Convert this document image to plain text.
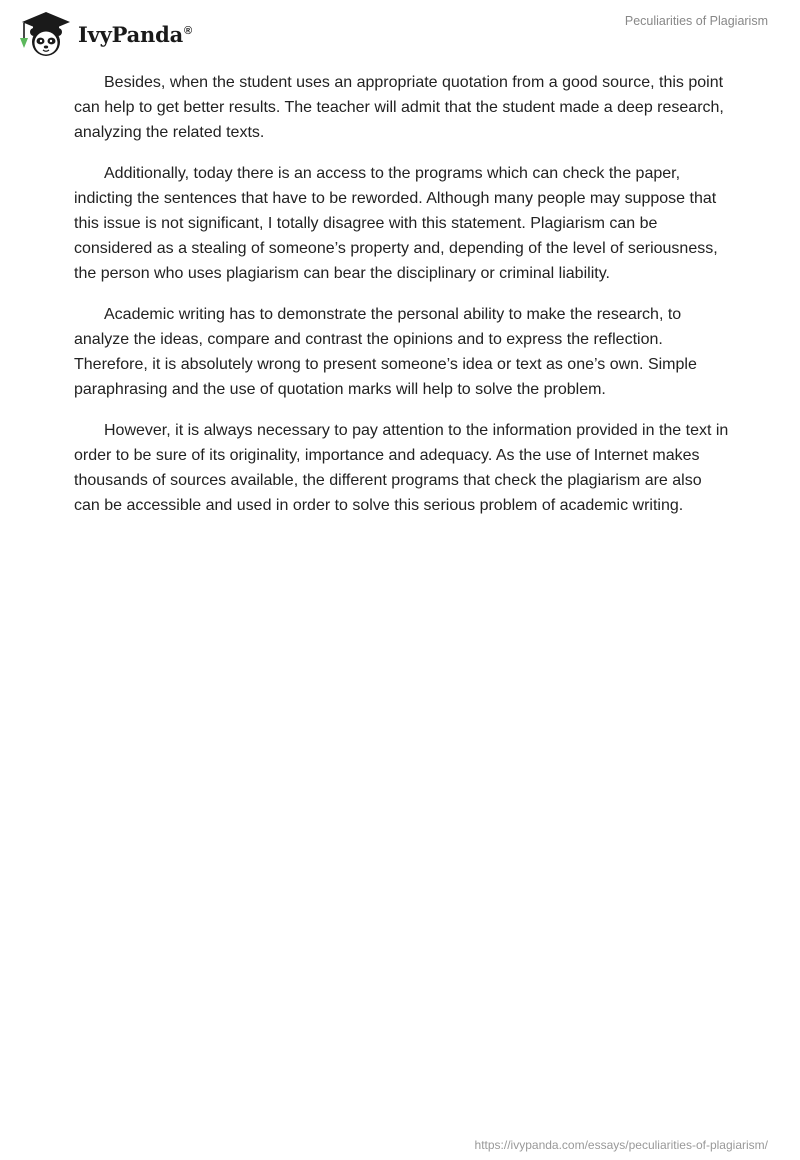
IvyPanda®
Peculiarities of Plagiarism

Besides, when the student uses an appropriate quotation from a good source, this point can help to get better results. The teacher will admit that the student made a deep research, analyzing the related texts.

Additionally, today there is an access to the programs which can check the paper, indicting the sentences that have to be reworded. Although many people may suppose that this issue is not significant, I totally disagree with this statement. Plagiarism can be considered as a stealing of someone’s property and, depending of the level of seriousness, the person who uses plagiarism can bear the disciplinary or criminal liability.

Academic writing has to demonstrate the personal ability to make the research, to analyze the ideas, compare and contrast the opinions and to express the reflection. Therefore, it is absolutely wrong to present someone’s idea or text as one’s own. Simple paraphrasing and the use of quotation marks will help to solve the problem.

However, it is always necessary to pay attention to the information provided in the text in order to be sure of its originality, importance and adequacy. As the use of Internet makes thousands of sources available, the different programs that check the plagiarism are also can be accessible and used in order to solve this serious problem of academic writing.

https://ivypanda.com/essays/peculiarities-of-plagiarism/
